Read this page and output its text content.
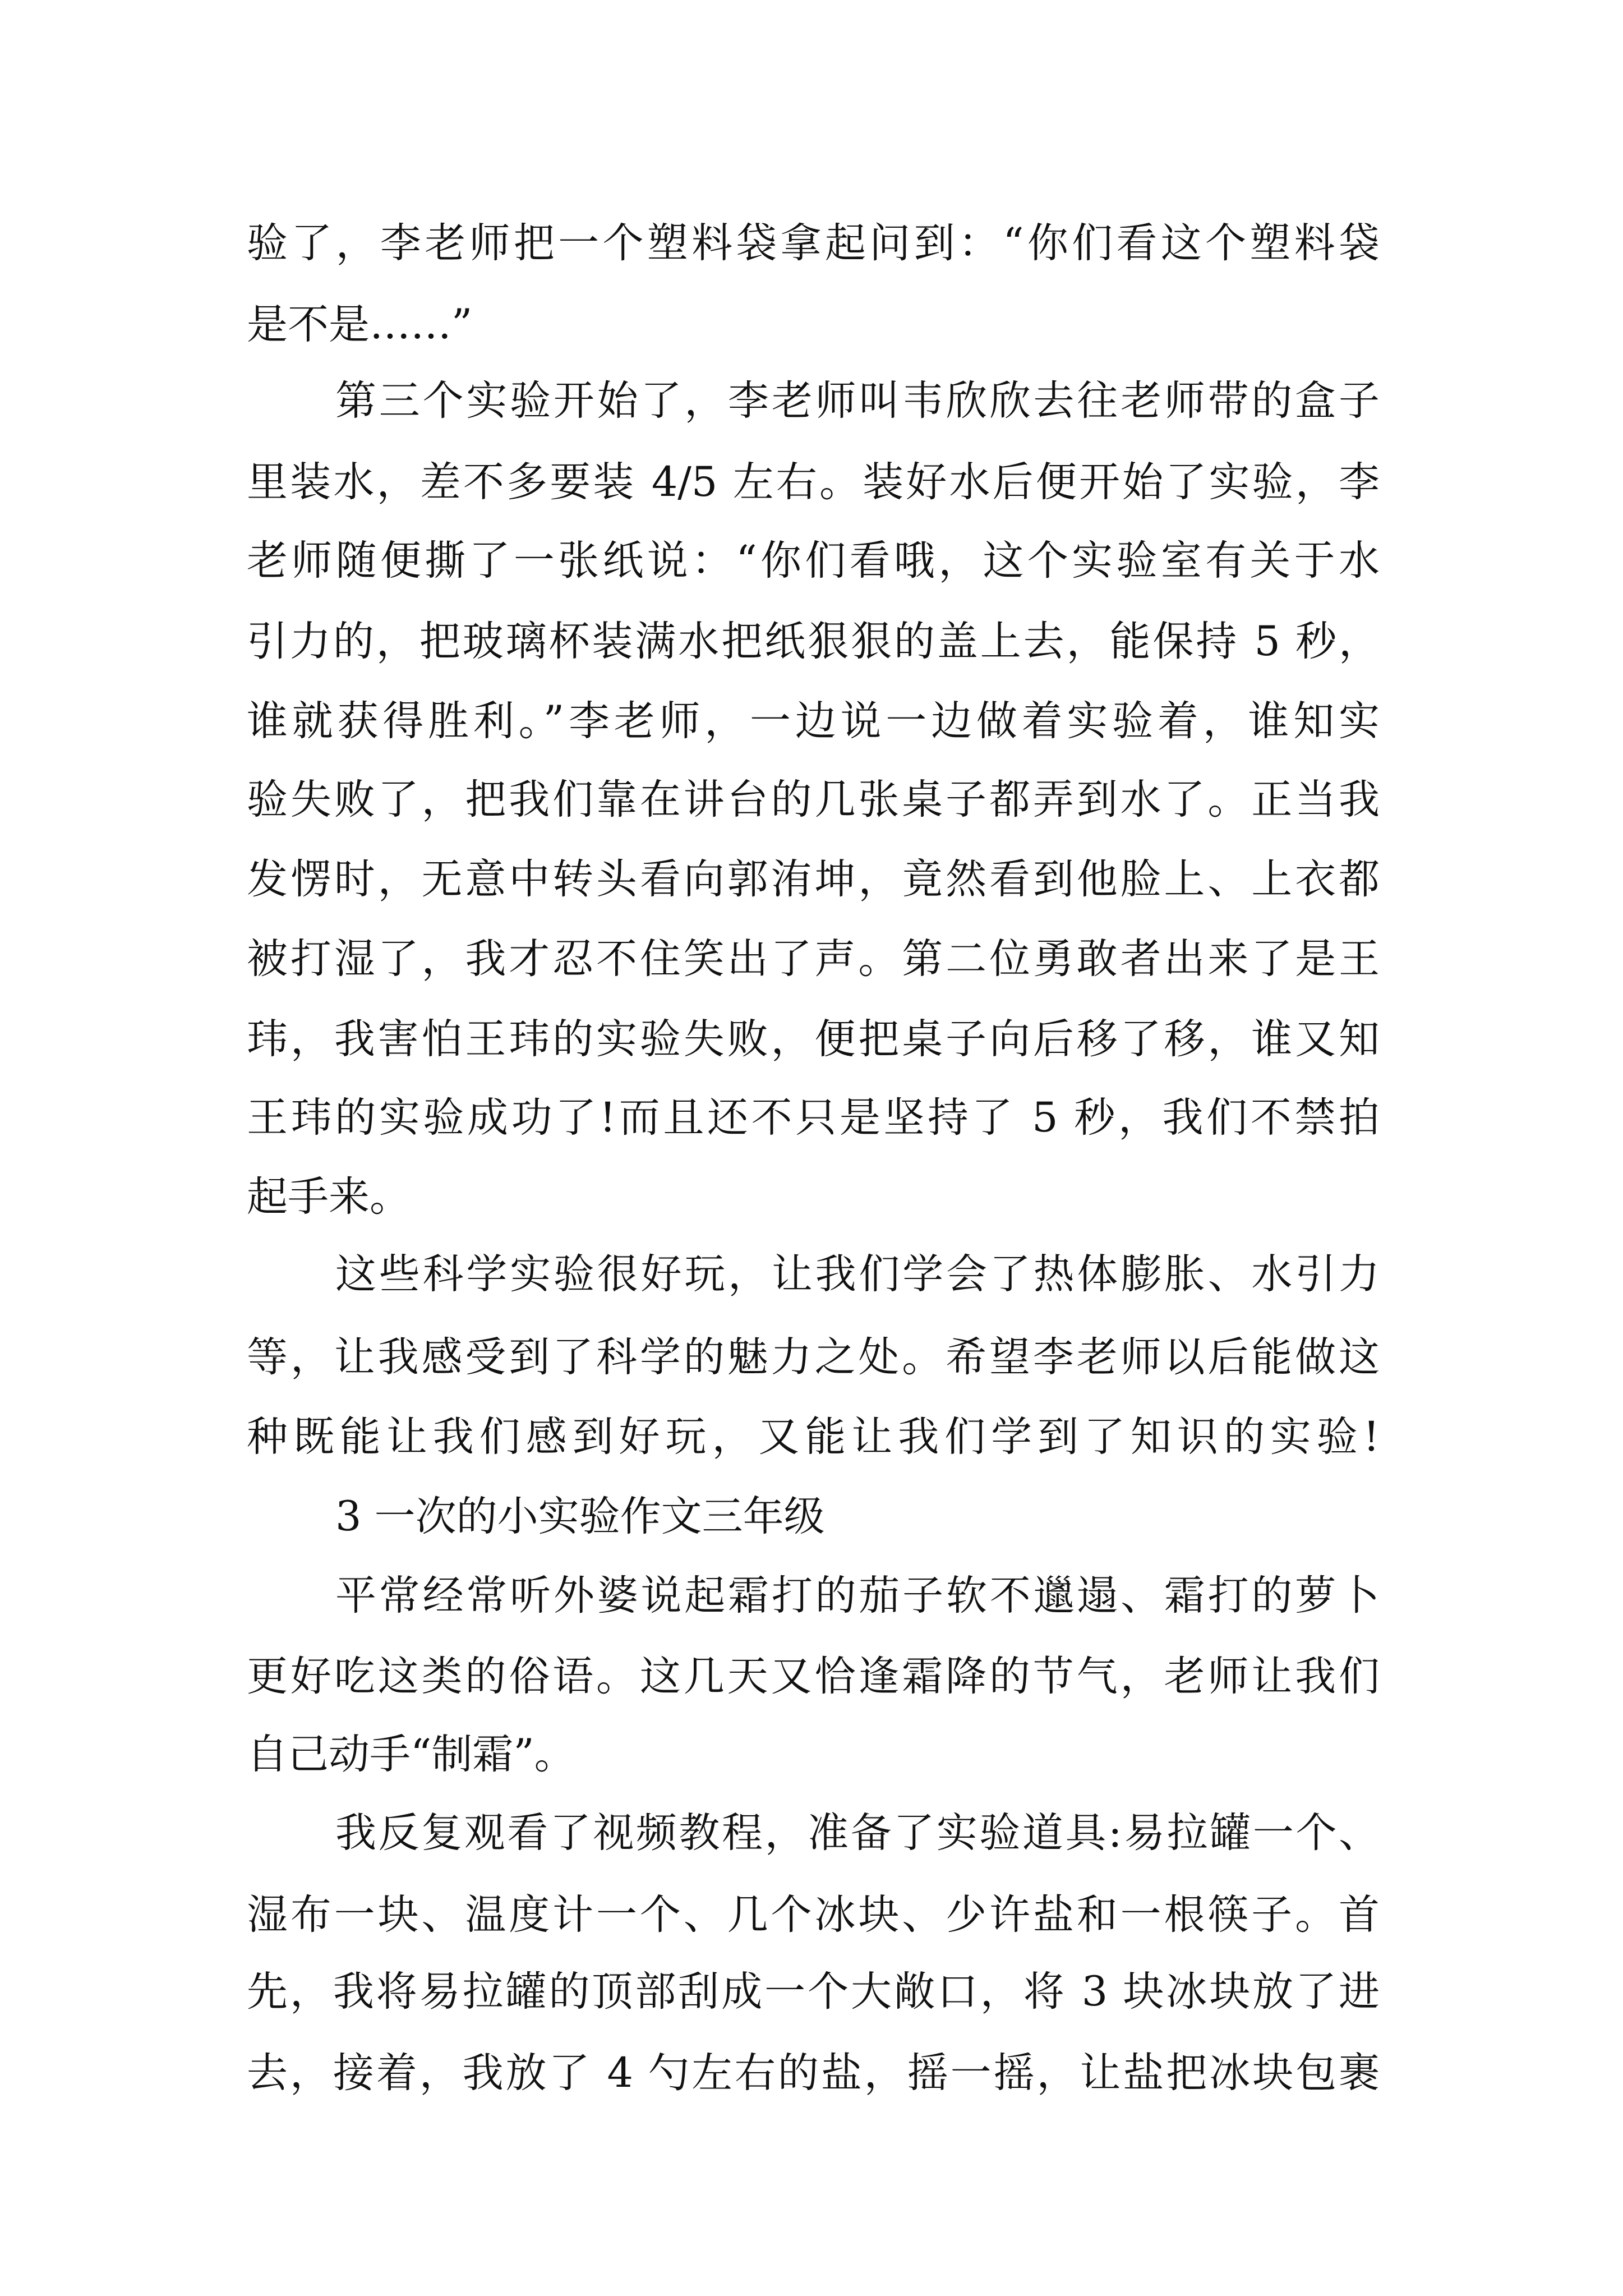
验了，李老师把一个塑料袋拿起问到：“你们看这个塑料袋
是不是……”
第三个实验开始了，李老师叫韦欣欣去往老师带的盒子
里装水，差不多要装 4/5 左右。装好水后便开始了实验，李
老师随便撕了一张纸说：“你们看哦，这个实验室有关于水
引力的，把玻璃杯装满水把纸狠狠的盖上去，能保持 5 秒，
谁就获得胜利。”李老师，一边说一边做着实验着，谁知实
验失败了，把我们靠在讲台的几张桌子都弄到水了。正当我
发愣时，无意中转头看向郭洧坤，竟然看到他脸上、上衣都
被打湿了，我才忍不住笑出了声。第二位勇敢者出来了是王
玮，我害怕王玮的实验失败，便把桌子向后移了移，谁又知
王玮的实验成功了!而且还不只是坚持了 5 秒，我们不禁拍
起手来。
这些科学实验很好玩，让我们学会了热体膨胀、水引力
等，让我感受到了科学的魅力之处。希望李老师以后能做这
种既能让我们感到好玩，又能让我们学到了知识的实验!
3 一次的小实验作文三年级
平常经常听外婆说起霜打的茄子软不邋遢、霜打的萝卜
更好吃这类的俗语。这几天又恰逢霜降的节气，老师让我们
自己动手“制霜”。
我反复观看了视频教程，准备了实验道具:易拉罐一个、
湿布一块、温度计一个、几个冰块、少许盐和一根筷子。首
先，我将易拉罐的顶部刮成一个大敞口，将 3 块冰块放了进
去，接着，我放了 4 勺左右的盐，摇一摇，让盐把冰块包裹
